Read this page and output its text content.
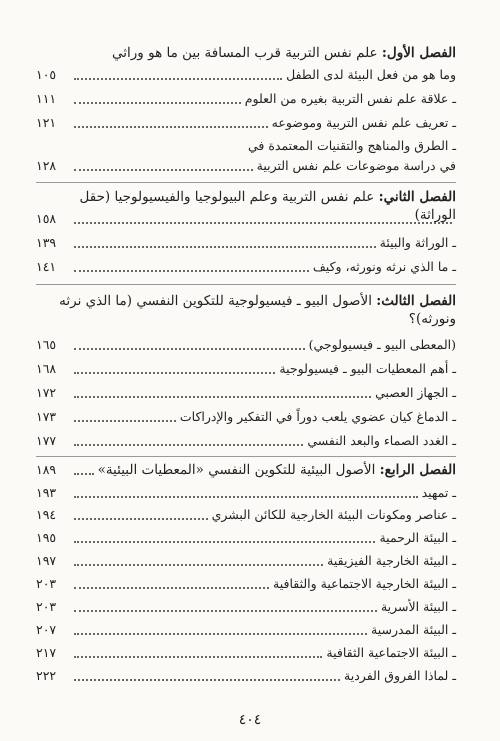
الفصل الأول: علم نفس التربية قرب المسافة بين ما هو وراثي
وما هو من فعل البيئة لدى الطفل
١٠٥
ـ علاقة علم نفس التربية بغيره من العلوم
١١١
ـ تعريف علم نفس التربية وموضوعه
١٢١
ـ الطرق والمناهج والتقنيات المعتمدة في
في دراسة موضوعات علم نفس التربية
١٢٨
الفصل الثاني: علم نفس التربية وعلم البيولوجيا والفيسيولوجيا (حقل الوراثة)
ـ الوراثة والبيئة
١٣٩
ـ ما الذي نرثه ونورثه، وكيف
١٤١
١٥٨
الفصل الثالث: الأصول البيو ـ فيسيولوجية للتكوين النفسي (ما الذي نرثه ونورثه)؟
(المعطى البيو ـ فيسيولوجي)
١٦٥
ـ أهم المعطيات البيو ـ فيسيولوجية
١٦٨
ـ الجهاز العصبي
١٧٢
ـ الدماغ كيان عضوي يلعب دوراً في التفكير والإدراكات
١٧٣
ـ الغدد الصماء والبعد النفسي
١٧٧
الفصل الرابع: الأصول البيئية للتكوين النفسي «المعطيات البيئية»
١٨٩
ـ تمهيد
١٩٣
ـ عناصر ومكونات البيئة الخارجية للكائن البشري
١٩٤
ـ البيئة الرحمية
١٩٥
ـ البيئة الخارجية الفيزيقية
١٩٧
ـ البيئة الخارجية الاجتماعية والثقافية
٢٠٣
ـ البيئة الأسرية
٢٠٣
ـ البيئة المدرسية
٢٠٧
ـ البيئة الاجتماعية الثقافية
٢١٧
ـ لماذا الفروق الفردية
٢٢٢
٤٠٤
